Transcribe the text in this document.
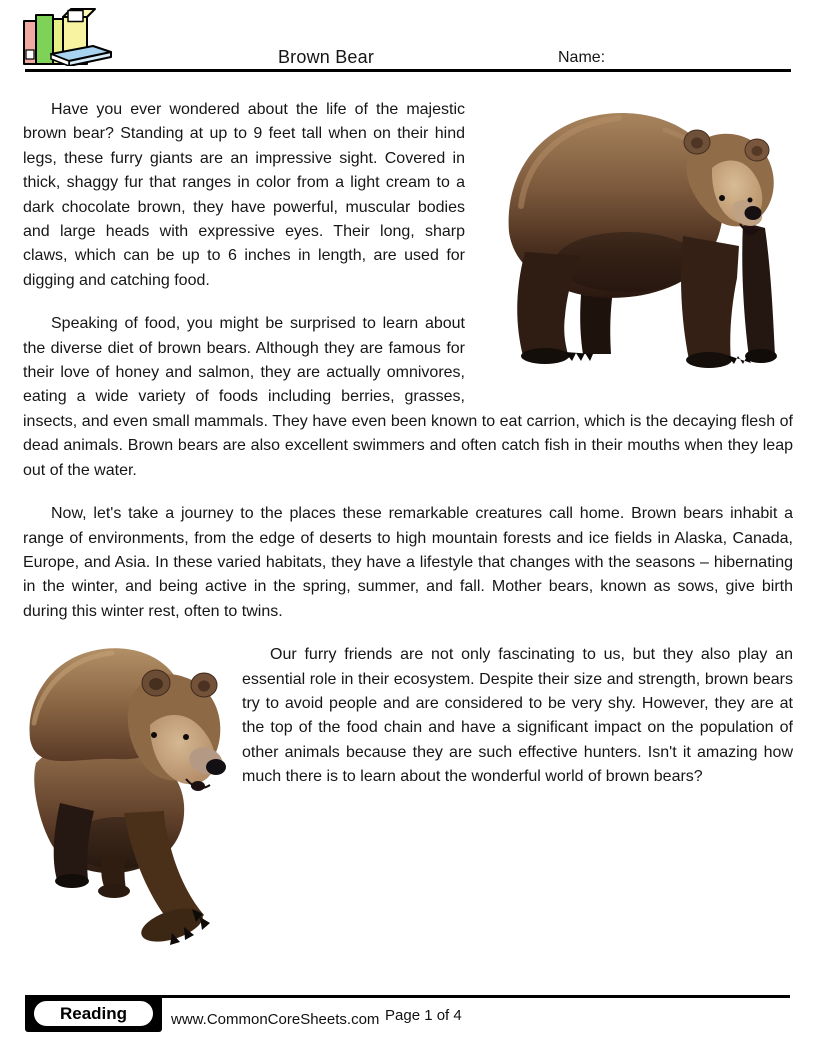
Brown Bear	Name:

Have you ever wondered about the life of the majestic brown bear? Standing at up to 9 feet tall when on their hind legs, these furry giants are an impressive sight. Covered in thick, shaggy fur that ranges in color from a light cream to a dark chocolate brown, they have powerful, muscular bodies and large heads with expressive eyes. Their long, sharp claws, which can be up to 6 inches in length, are used for digging and catching food.

Speaking of food, you might be surprised to learn about the diverse diet of brown bears. Although they are famous for their love of honey and salmon, they are actually omnivores, eating a wide variety of foods including berries, grasses, insects, and even small mammals. They have even been known to eat carrion, which is the decaying flesh of dead animals. Brown bears are also excellent swimmers and often catch fish in their mouths when they leap out of the water.

Now, let's take a journey to the places these remarkable creatures call home. Brown bears inhabit a range of environments, from the edge of deserts to high mountain forests and ice fields in Alaska, Canada, Europe, and Asia. In these varied habitats, they have a lifestyle that changes with the seasons – hibernating in the winter, and being active in the spring, summer, and fall. Mother bears, known as sows, give birth during this winter rest, often to twins.

Our furry friends are not only fascinating to us, but they also play an essential role in their ecosystem. Despite their size and strength, brown bears try to avoid people and are considered to be very shy. However, they are at the top of the food chain and have a significant impact on the population of other animals because they are such effective hunters. Isn't it amazing how much there is to learn about the wonderful world of brown bears?

Reading	www.CommonCoreSheets.com Page 1 of 4
